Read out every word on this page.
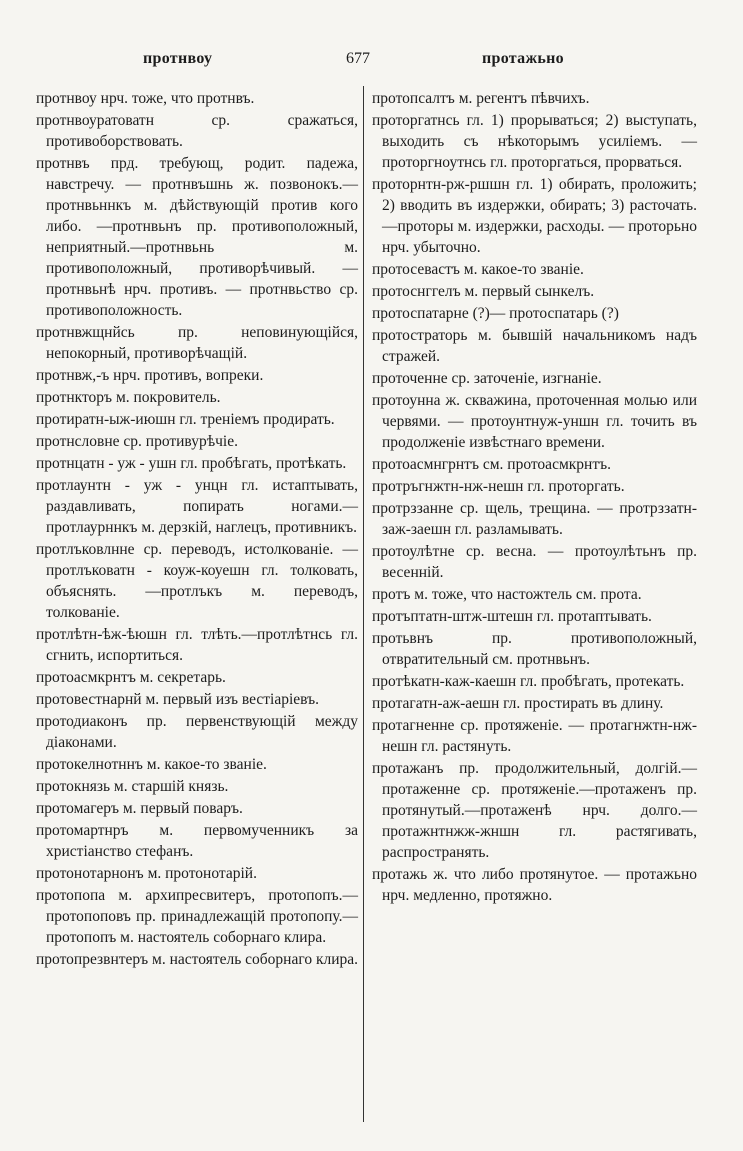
протнвоу	677	протажьно

протнвоу нрч. тоже, что протнвъ.

протнвоуратоватн ср. сражаться, противоборствовать.

протнвъ прд. требующ, родит. падежа, навстречу. — протнвъшнь ж. позвонокъ.—протнвьннкъ м. дѣйствующій против кого либо. —протнвьнъ пр. противоположный, неприятный.—протнвьнь м. противоположный, противорѣчивый. — протнвьнѣ нрч. противъ. — протнвьство ср. противоположность.

протнвжщнйсь пр. неповинующійся, непокорный, противорѣчащій.

протнвж,-ъ нрч. противъ, вопреки.

протнкторъ м. покровитель.

протиратн-ыж-июшн гл. треніемъ продирать.

протнсловне ср. противурѣчіе.

протнцатн - уж - ушн гл. пробѣгать, протѣкать.

протлаунтн - уж - унцн гл. истаптывать, раздавливать, попирать ногами.—протлаурннкъ м. дерзкій, наглецъ, противникъ.

протлъковлнне ср. переводъ, истолкованіе. — протлъковатн - коуж-коуешн гл. толковать, объяснять. —протлъкъ м. переводъ, толкованіе.

протлѣтн-ѣж-ѣюшн гл. тлѣть.—протлѣтнсь гл. сгнить, испортиться.

протоасмкрнтъ м. секретарь.

протовестнарнй м. первый изъ вестіаріевъ.

протодиаконъ пр. первенствующій между діаконами.

протокелнотннъ м. какое-то званіе.

протокнязь м. старшій князь.

протомагеръ м. первый поваръ.

протомартнръ м. первомученникъ за христіанство стефанъ.

протонотарнонъ м. протонотарій.

протопопа м. архипресвитеръ, протопопъ.—протопоповъ пр. принадлежащій протопопу.—протопопъ м. настоятель соборнаго клира.

протопрезвнтеръ м. настоятель соборнаго клира.

протопсалтъ м. регентъ пѣвчихъ.

проторгатнсь гл. 1) прорываться; 2) выступать, выходить съ нѣкоторымъ усиліемъ. — проторгноутнсь гл. проторгаться, прорваться.

проторнтн-рж-ршшн гл. 1) обирать, проложить; 2) вводить въ издержки, обирать; 3) расточать.—проторы м. издержки, расходы. — проторьно нрч. убыточно.

протосевастъ м. какое-то званіе.

протоснггелъ м. первый сынкелъ.

протоспатарне (?)— протоспатарь (?)

протостраторь м. бывшій начальникомъ надъ стражей.

проточенне ср. заточеніе, изгнаніе.

протоунна ж. скважина, проточенная молью или червями. — протоунтнуж-уншн гл. точить въ продолженіе извѣстнаго времени.

протоасмнгрнтъ см. протоасмкрнтъ.

протръгнжтн-нж-нешн гл. проторгать.

протрззанне ср. щель, трещина. — протрззатн-заж-заешн гл. разламывать.

протоулѣтне ср. весна. — протоулѣтьнъ пр. весенній.

протъ м. тоже, что настожтель см. прота.

протъптатн-штж-штешн гл. протаптывать.

протьвнъ пр. противоположный, отвратительный см. протнвьнъ.

протѣкатн-каж-каешн гл. пробѣгать, протекать.

протагатн-аж-аешн гл. простирать въ длину.

протагненне ср. протяженіе. — протагнжтн-нж-нешн гл. растянуть.

протажанъ пр. продолжительный, долгій.—протаженне ср. протяженіе.—протаженъ пр. протянутый.—протаженѣ нрч. долго.—протажнтнжж-жншн гл. растягивать, распространять.

протажь ж. что либо протянутое. — протажьно нрч. медленно, протяжно.
